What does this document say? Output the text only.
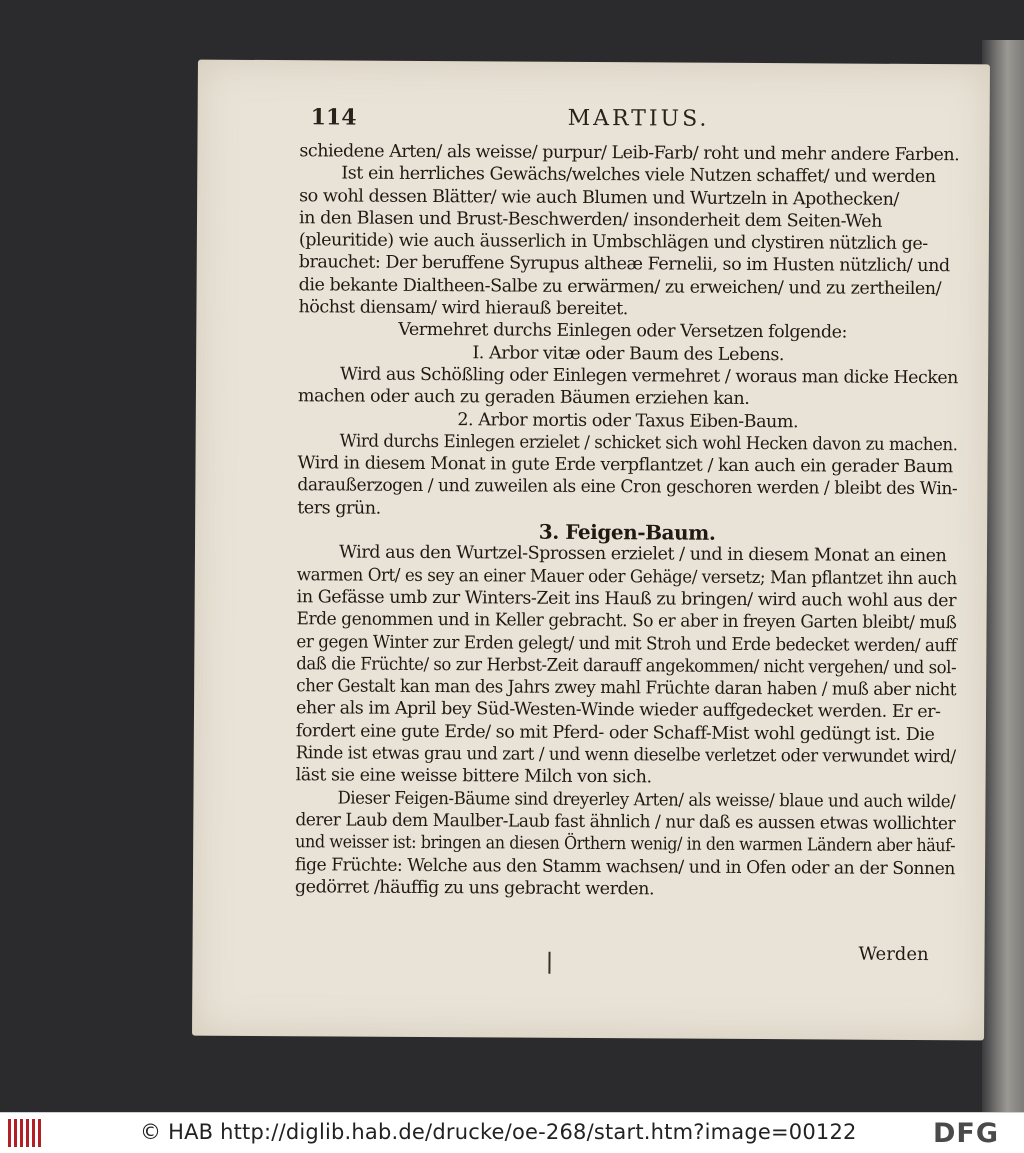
114	MARTIUS.
schiedene Arten/ als weisse/ purpur/ Leib-Farb/ roht und mehr andere Farben.
Ist ein herrliches Gewächs/welches viele Nutzen schaffet/ und werden
so wohl dessen Blätter/ wie auch Blumen und Wurtzeln in Apothecken/
in den Blasen und Brust-Beschwerden/ insonderheit dem Seiten-Weh
(pleuritide) wie auch äusserlich in Umbschlägen und clystiren nützlich ge-
brauchet: Der beruffene Syrupus altheæ Fernelii, so im Husten nützlich/ und
die bekante Dialtheen-Salbe zu erwärmen/ zu erweichen/ und zu zertheilen/
höchst diensam/ wird hierauß bereitet.
Vermehret durchs Einlegen oder Versetzen folgende:
I. Arbor vitæ oder Baum des Lebens.
Wird aus Schößling oder Einlegen vermehret / woraus man dicke Hecken
machen oder auch zu geraden Bäumen erziehen kan.
2. Arbor mortis oder Taxus Eiben-Baum.
Wird durchs Einlegen erzielet / schicket sich wohl Hecken davon zu machen.
Wird in diesem Monat in gute Erde verpflantzet / kan auch ein gerader Baum
daraußerzogen / und zuweilen als eine Cron geschoren werden / bleibt des Win-
ters grün.
3. Feigen-Baum.
Wird aus den Wurtzel-Sprossen erzielet / und in diesem Monat an einen
warmen Ort/ es sey an einer Mauer oder Gehäge/ versetz; Man pflantzet ihn auch
in Gefässe umb zur Winters-Zeit ins Hauß zu bringen/ wird auch wohl aus der
Erde genommen und in Keller gebracht. So er aber in freyen Garten bleibt/ muß
er gegen Winter zur Erden gelegt/ und mit Stroh und Erde bedecket werden/ auff
daß die Früchte/ so zur Herbst-Zeit darauff angekommen/ nicht vergehen/ und sol-
cher Gestalt kan man des Jahrs zwey mahl Früchte daran haben / muß aber nicht
eher als im April bey Süd-Westen-Winde wieder auffgedecket werden. Er er-
fordert eine gute Erde/ so mit Pferd- oder Schaff-Mist wohl gedüngt ist. Die
Rinde ist etwas grau und zart / und wenn dieselbe verletzet oder verwundet wird/
läst sie eine weisse bittere Milch von sich.
Dieser Feigen-Bäume sind dreyerley Arten/ als weisse/ blaue und auch wilde/
derer Laub dem Maulber-Laub fast ähnlich / nur daß es aussen etwas wollichter
und weisser ist: bringen an diesen Örthern wenig/ in den warmen Ländern aber häuf-
fige Früchte: Welche aus den Stamm wachsen/ und in Ofen oder an der Sonnen
gedörret /häuffig zu uns gebracht werden.
Werden
© HAB http://diglib.hab.de/drucke/oe-268/start.htm?image=00122	DFG
